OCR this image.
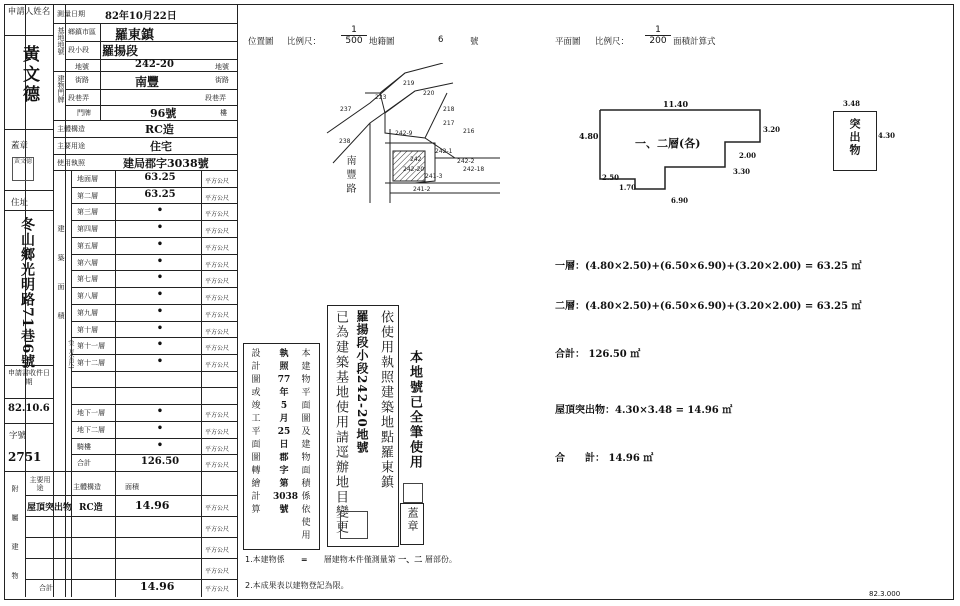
申請人姓名
黃文德
蓋章
黃文德
住址
冬山鄉光明路71巷6號
申請書收件日期
82.10.6
字號
2751
測量日期 82年10月22日
基地地號 鄉鎮市區 羅東鎮
段小段 羅揚段
地號	242-20	地號
建物門牌 街路	南豐	街路
段巷弄	段巷弄
門牌	96號	樓
主體構造	RC造
主要用途	住宅
使用執照	建局郡字3038號
建築面積
地面層	63.25	平方公尺
第二層	63.25	平方公尺
第三層	•	平方公尺
第四層	•	平方公尺
第五層	•	平方公尺
第六層	•	平方公尺
第七層	•	平方公尺
第八層	•	平方公尺
第九層	•	平方公尺
第十層	•	平方公尺
第十一層	•	平方公尺
第十二層	•	平方公尺
地下一層	•	平方公尺
地下二層	•	平方公尺
騎樓	•	平方公尺
合計	126.50	平方公尺
附屬建物
主要用途	主體構造	面積
屋頂突出物 RC造	14.96	平方公尺
平方公尺
平方公尺
平方公尺
合計	14.96	平方公尺
位置圖 比例尺： $\frac{1}{500}$ 地籍圖	6	號
219
220
218
216
217
223
237
238
242-9
242
242-20
242-2
242-1
242-18
241-2
241-3
南豐路
本
建
物
平
面
圖
及
建
物
面
積
係
依
使
用
執
照
77
年
5
月
25
日
郡
字
第
3038
號
設
計
圖
或
竣
工
平
面
圖
轉
繪
計
算
依使用執照建築地點羅東鎮
已為建築基地使用請逕辦地目變更 羅揚段小段242-20地號
蓋章
本地號已全筆使用
1.本建物係 = 層建物本件僅測量第 一、二 層部份。
2.本成果表以建物登記為限。
平面圖 比例尺： $\frac{1}{200}$ 面積計算式
11.40
4.80
3.20
2.00
3.30
2.50
1.70
6.90
一、二層(各)	突出物
3.48
4.30
一層：(4.80×2.50)+(6.50×6.90)+(3.20×2.00) = 63.25 ㎡
二層：(4.80×2.50)+(6.50×6.90)+(3.20×2.00) = 63.25 ㎡
合計： 126.50 ㎡
屋頂突出物：4.30×3.48 = 14.96 ㎡
合　　計： 14.96 ㎡
82.3.000
